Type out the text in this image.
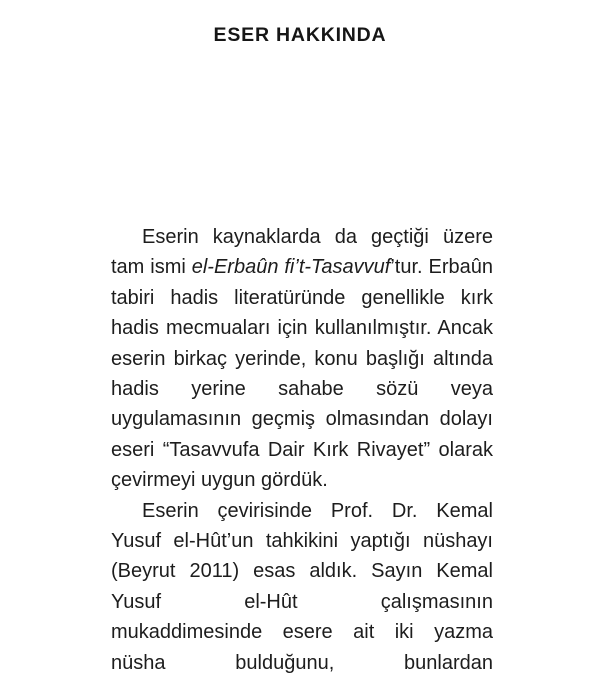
ESER HAKKINDA

Eserin kaynaklarda da geçtiği üzere tam ismi el-Erbaûn fi’t-Tasavvuf’tur. Erbaûn tabiri hadis literatüründe genellikle kırk hadis mecmuaları için kullanılmıştır. Ancak eserin birkaç yerinde, konu başlığı altında hadis yerine sahabe sözü veya uygulamasının geçmiş olmasından dolayı eseri “Tasavvufa Dair Kırk Rivayet” olarak çevirmeyi uygun gördük.

Eserin çevirisinde Prof. Dr. Kemal Yusuf el-Hût’un tahkikini yaptığı nüshayı (Beyrut 2011) esas aldık. Sayın Kemal Yusuf el-Hût çalışmasının mukaddimesinde esere ait iki yazma nüsha bulduğunu, bunlardan
